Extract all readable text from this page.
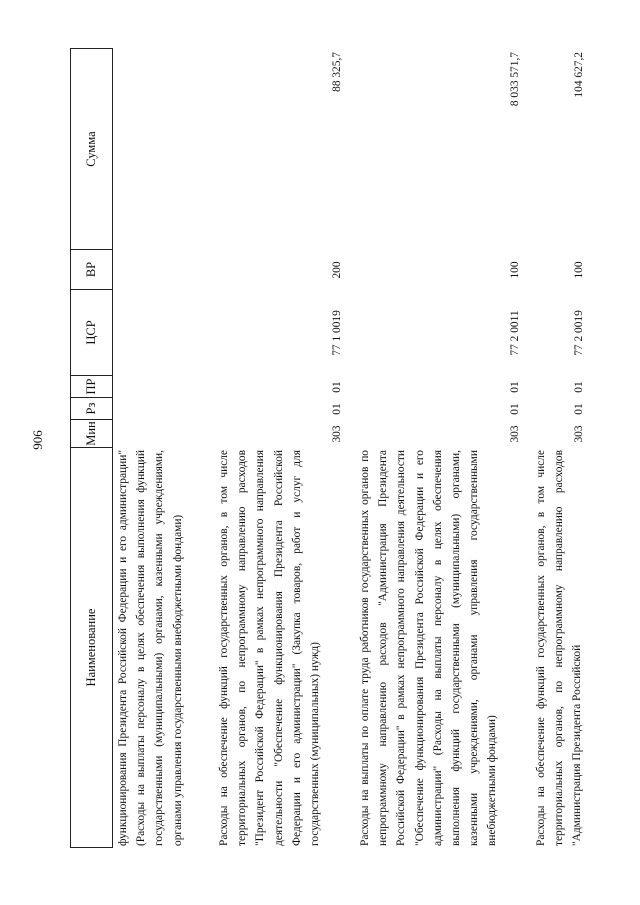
906
Наименование
Мин
Рз
ПР
ЦСР
ВР
Сумма
функционирования Президента Российской Федерации и его администрации" (Расходы на выплаты персоналу в целях обеспечения выполнения функций государственными (муниципальными) органами, казенными учреждениями, органами управления государственными внебюджетными фондами)	Расходы на обеспечение функций государственных органов, в том числе территориальных органов, по непрограммному направлению расходов "Президент Российской Федерации" в рамках непрограммного направления деятельности "Обеспечение функционирования Президента Российской Федерации и его администрации" (Закупка товаров, работ и услуг для государственных (муниципальных) нужд)
303
01
01
77 1 0019
200
88 325,7
Расходы на выплаты по оплате труда работников государственных органов по непрограммному направлению расходов "Администрация Президента Российской Федерации" в рамках непрограммного направления деятельности "Обеспечение функционирования Президента Российской Федерации и его администрации" (Расходы на выплаты персоналу в целях обеспечения выполнения функций государственными (муниципальными) органами, казенными учреждениями, органами управления государственными внебюджетными фондами)
303
01
01
77 2 0011
100
8 033 571,7
Расходы на обеспечение функций государственных органов, в том числе территориальных органов, по непрограммному направлению расходов "Администрация Президента Российской
303
01
01
77 2 0019
100
104 627,2
